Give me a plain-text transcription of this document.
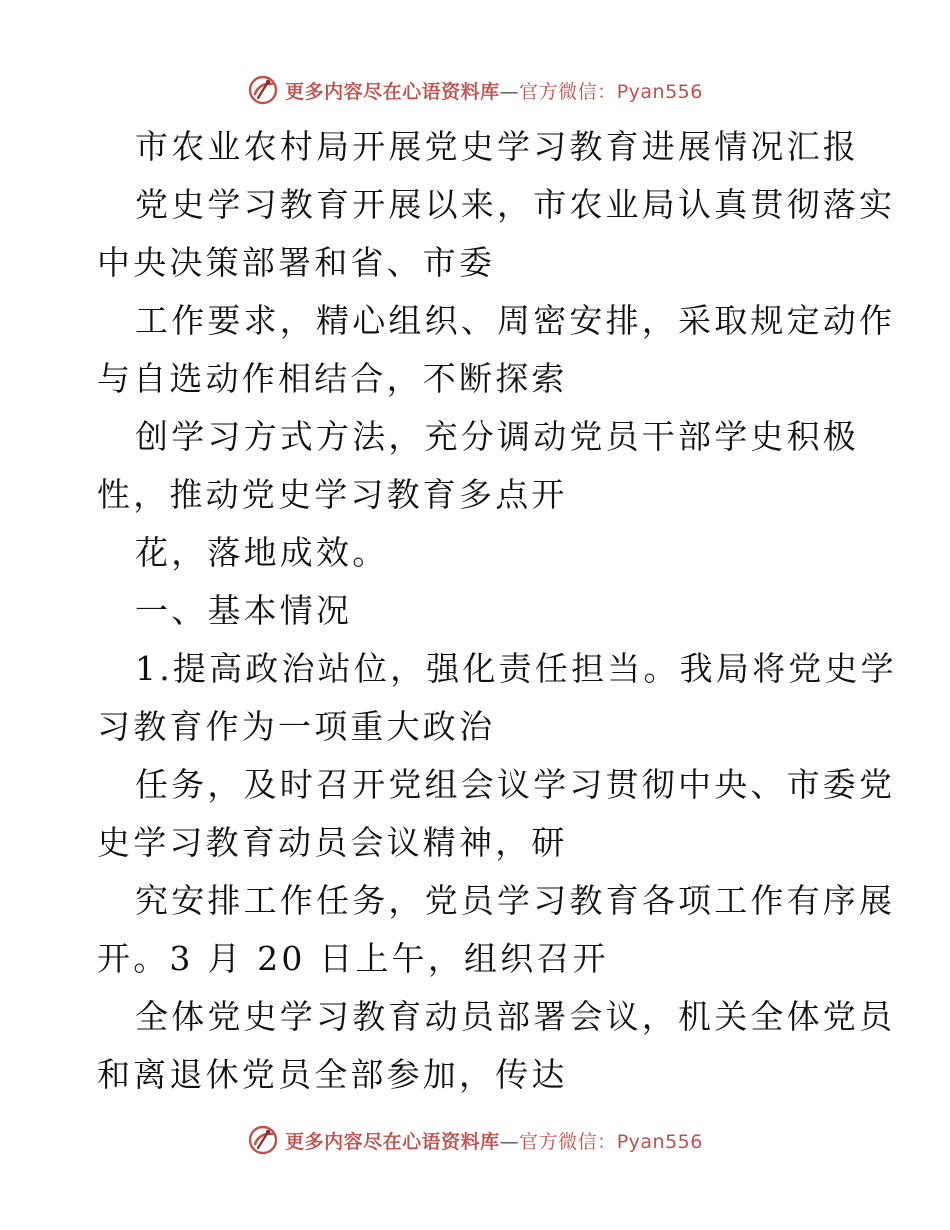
更多内容尽在心语资料库—官方微信：Pyan556
市农业农村局开展党史学习教育进展情况汇报
党史学习教育开展以来，市农业局认真贯彻落实
中央决策部署和省、市委
工作要求，精心组织、周密安排，采取规定动作
与自选动作相结合，不断探索
创学习方式方法，充分调动党员干部学史积极
性，推动党史学习教育多点开
花，落地成效。
一、基本情况
1.提高政治站位，强化责任担当。我局将党史学
习教育作为一项重大政治
任务，及时召开党组会议学习贯彻中央、市委党
史学习教育动员会议精神，研
究安排工作任务，党员学习教育各项工作有序展
开。3 月 20 日上午，组织召开
全体党史学习教育动员部署会议，机关全体党员
和离退休党员全部参加，传达
更多内容尽在心语资料库—官方微信：Pyan556
